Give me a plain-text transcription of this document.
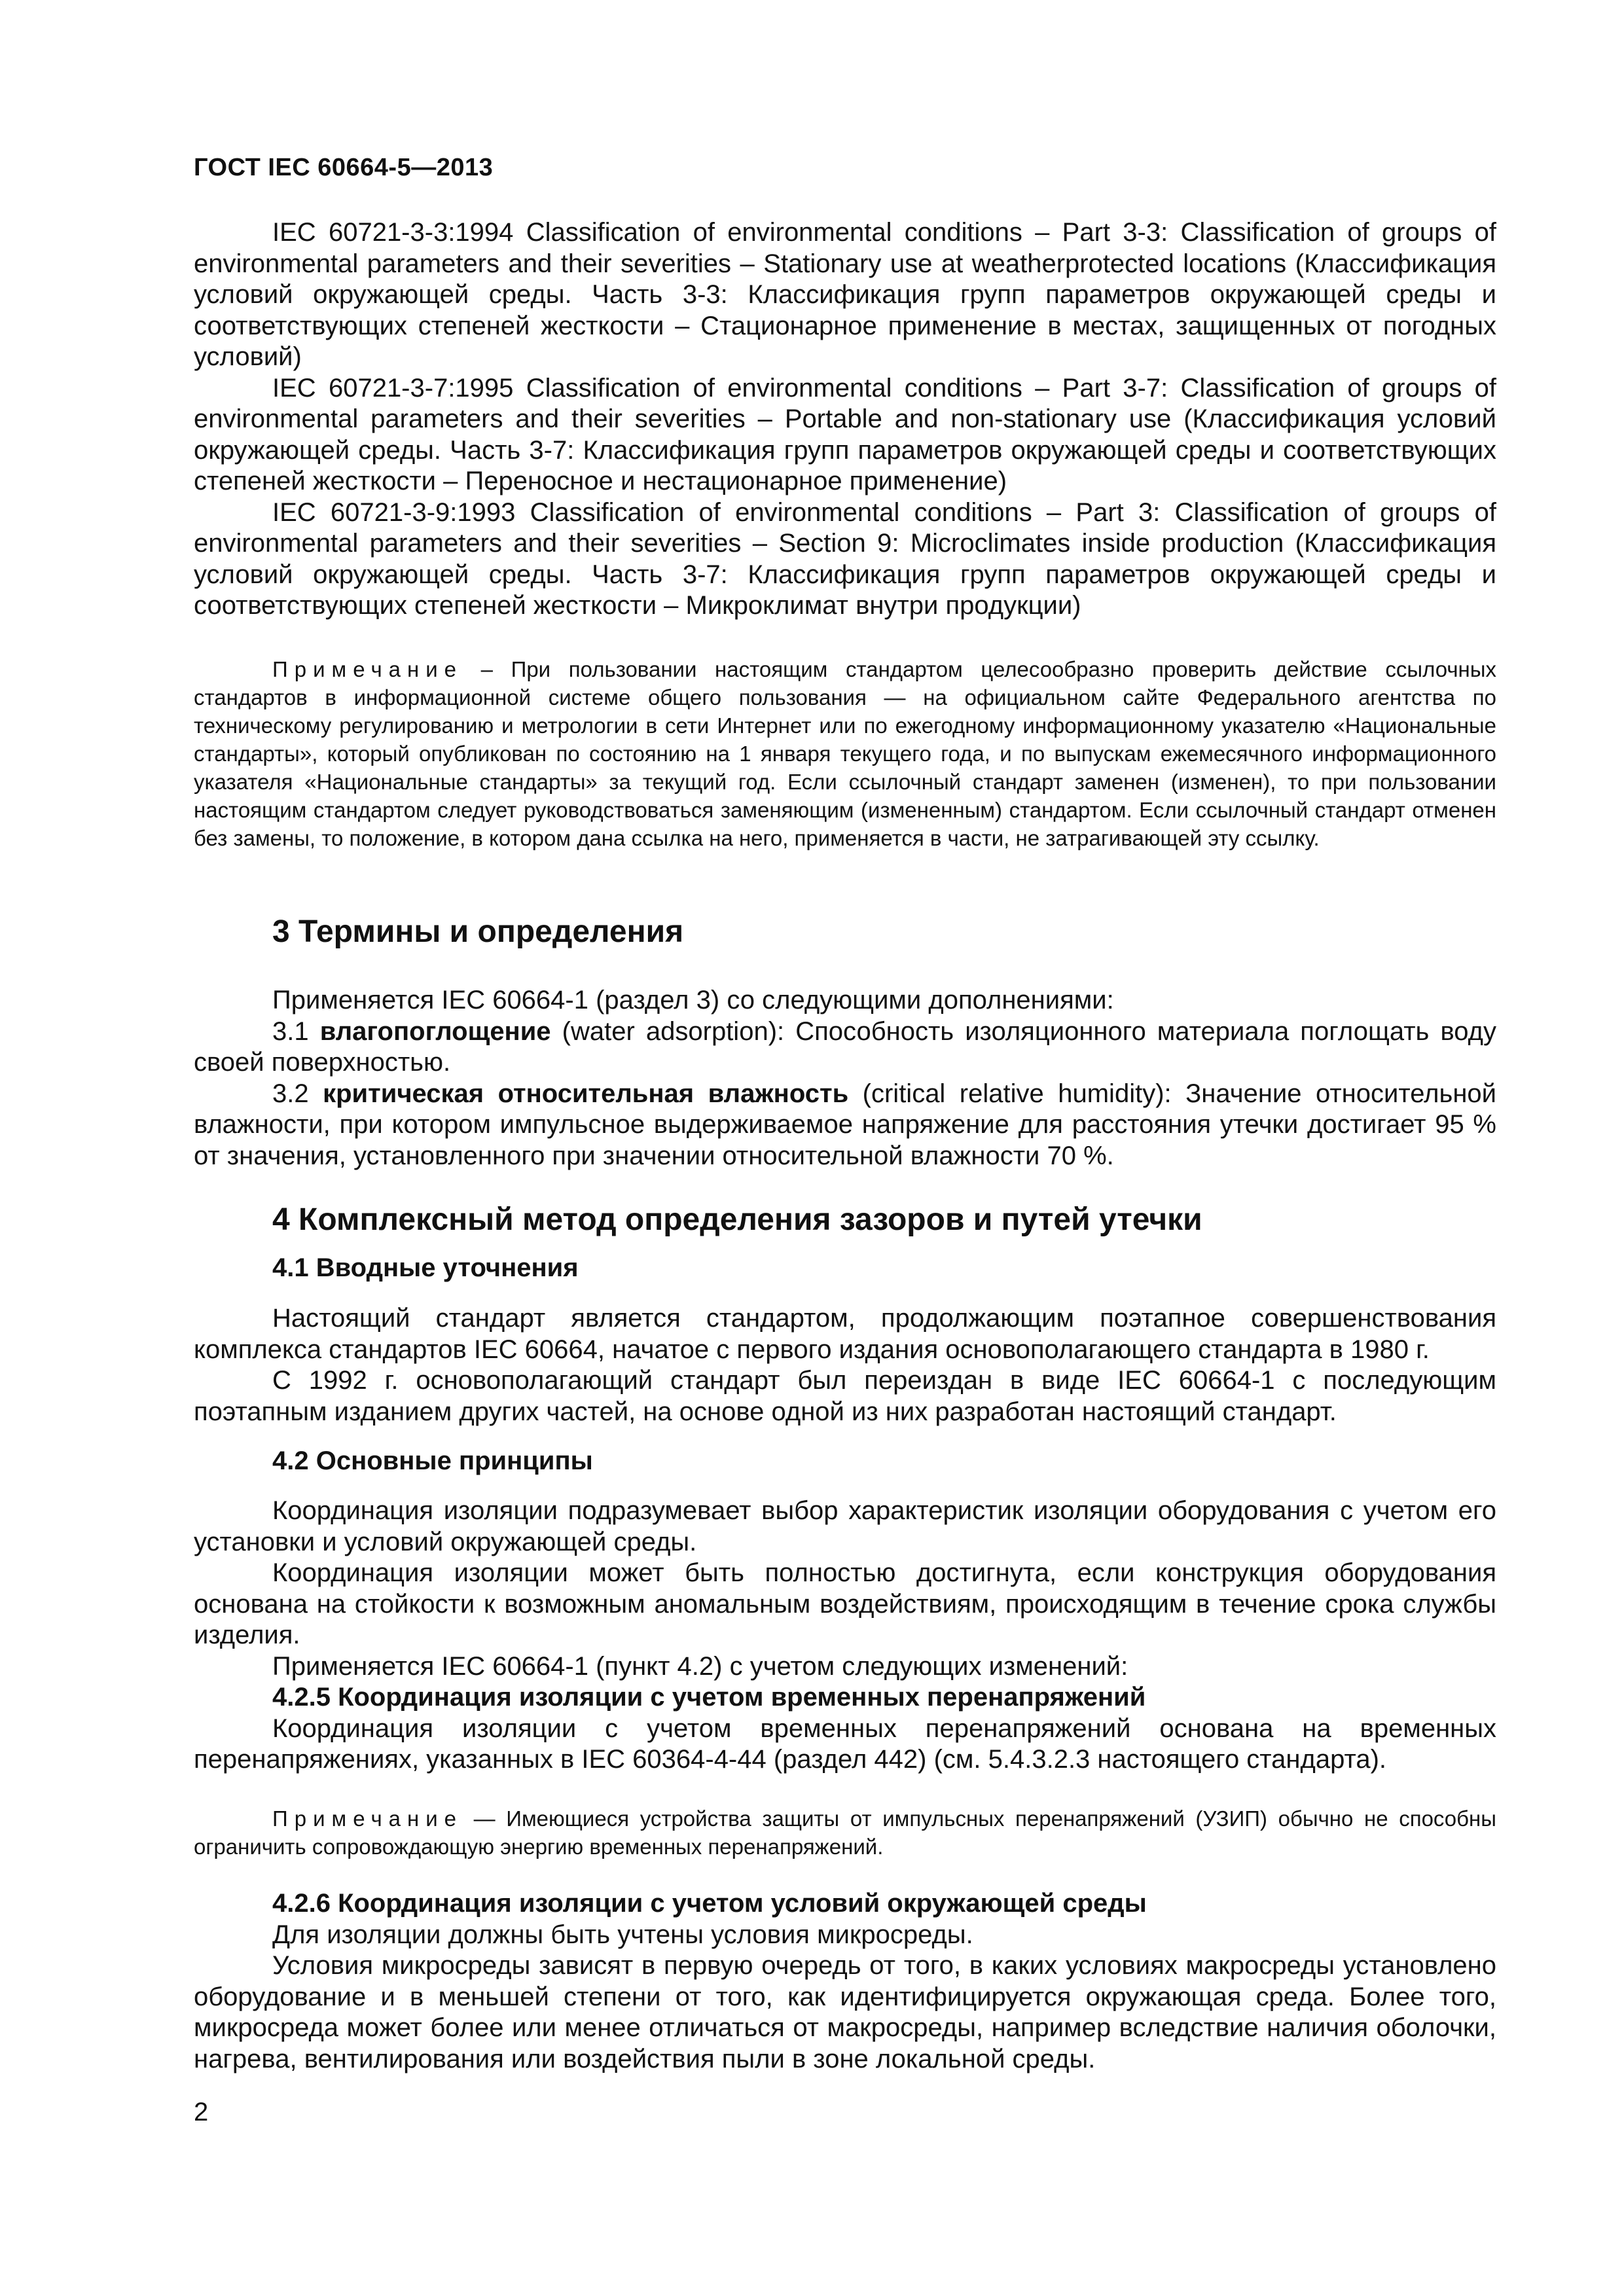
ГОСТ IEC 60664-5—2013

IEC 60721-3-3:1994 Classification of environmental conditions – Part 3-3: Classification of groups of environmental parameters and their severities – Stationary use at weatherprotected locations (Классификация условий окружающей среды. Часть 3-3: Классификация групп параметров окружающей среды и соответствующих степеней жесткости – Стационарное применение в местах, защищенных от погодных условий)

IEC 60721-3-7:1995 Classification of environmental conditions – Part 3-7: Classification of groups of environmental parameters and their severities – Portable and non-stationary use (Классификация условий окружающей среды. Часть 3-7: Классификация групп параметров окружающей среды и соответствующих степеней жесткости – Переносное и нестационарное применение)

IEC 60721-3-9:1993 Classification of environmental conditions – Part 3: Classification of groups of environmental parameters and their severities – Section 9: Microclimates inside production (Классификация условий окружающей среды. Часть 3-7: Классификация групп параметров окружающей среды и соответствующих степеней жесткости – Микроклимат внутри продукции)

Примечание – При пользовании настоящим стандартом целесообразно проверить действие ссылочных стандартов в информационной системе общего пользования — на официальном сайте Федерального агентства по техническому регулированию и метрологии в сети Интернет или по ежегодному информационному указателю «Национальные стандарты», который опубликован по состоянию на 1 января текущего года, и по выпускам ежемесячного информационного указателя «Национальные стандарты» за текущий год. Если ссылочный стандарт заменен (изменен), то при пользовании настоящим стандартом следует руководствоваться заменяющим (измененным) стандартом. Если ссылочный стандарт отменен без замены, то положение, в котором дана ссылка на него, применяется в части, не затрагивающей эту ссылку.

3 Термины и определения

Применяется IEC 60664-1 (раздел 3) со следующими дополнениями:

3.1 влагопоглощение (water adsorption): Способность изоляционного материала поглощать воду своей поверхностью.

3.2 критическая относительная влажность (critical relative humidity): Значение относительной влажности, при котором импульсное выдерживаемое напряжение для расстояния утечки достигает 95 % от значения, установленного при значении относительной влажности 70 %.

4 Комплексный метод определения зазоров и путей утечки
4.1 Вводные уточнения

Настоящий стандарт является стандартом, продолжающим поэтапное совершенствования комплекса стандартов IEC 60664, начатое с первого издания основополагающего стандарта в 1980 г.

С 1992 г. основополагающий стандарт был переиздан в виде IEC 60664-1 с последующим поэтапным изданием других частей, на основе одной из них разработан настоящий стандарт.

4.2 Основные принципы

Координация изоляции подразумевает выбор характеристик изоляции оборудования с учетом его установки и условий окружающей среды.

Координация изоляции может быть полностью достигнута, если конструкция оборудования основана на стойкости к возможным аномальным воздействиям, происходящим в течение срока службы изделия.

Применяется IEC 60664-1 (пункт 4.2) с учетом следующих изменений:

4.2.5 Координация изоляции с учетом временных перенапряжений

Координация изоляции с учетом временных перенапряжений основана на временных перенапряжениях, указанных в IEC 60364-4-44 (раздел 442) (см. 5.4.3.2.3 настоящего стандарта).

Примечание — Имеющиеся устройства защиты от импульсных перенапряжений (УЗИП) обычно не способны ограничить сопровождающую энергию временных перенапряжений.

4.2.6 Координация изоляции с учетом условий окружающей среды

Для изоляции должны быть учтены условия микросреды.

Условия микросреды зависят в первую очередь от того, в каких условиях макросреды установлено оборудование и в меньшей степени от того, как идентифицируется окружающая среда. Более того, микросреда может более или менее отличаться от макросреды, например вследствие наличия оболочки, нагрева, вентилирования или воздействия пыли в зоне локальной среды.

2
